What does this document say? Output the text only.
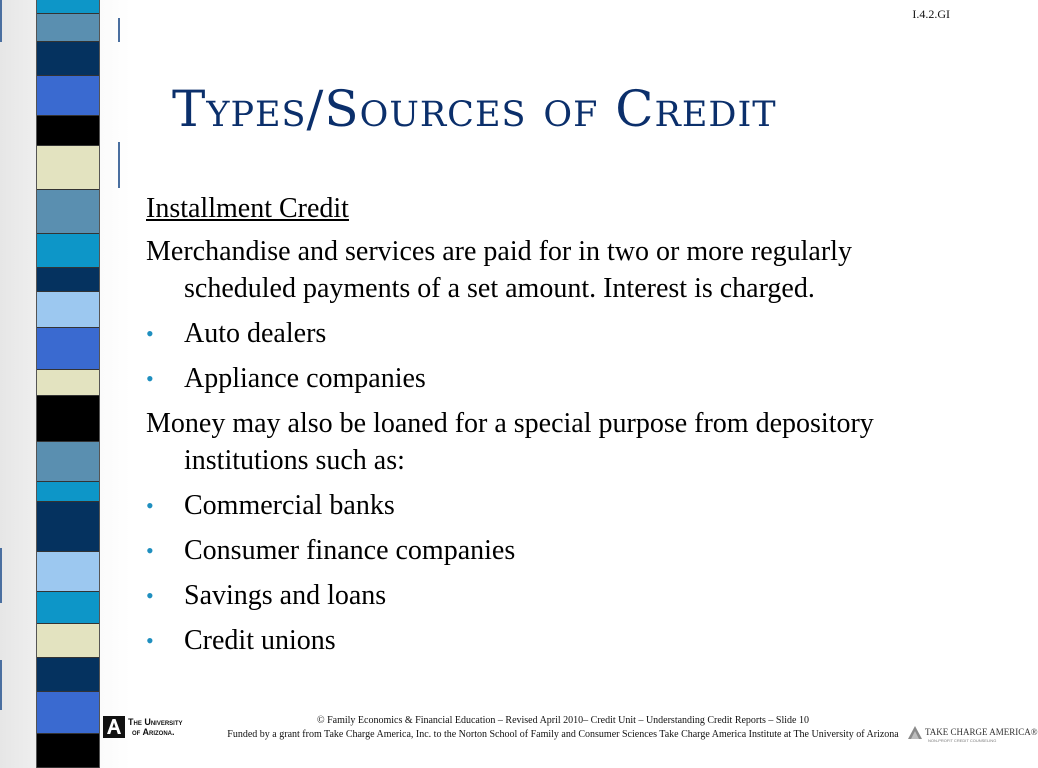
I.4.2.GI
Types/Sources of Credit

Installment Credit

Merchandise and services are paid for in two or more regularly scheduled payments of a set amount. Interest is charged.

• Auto dealers
• Appliance companies

Money may also be loaned for a special purpose from depository institutions such as:

• Commercial banks
• Consumer finance companies
• Savings and loans
• Credit unions
The University
of Arizona.
© Family Economics & Financial Education – Revised April 2010– Credit Unit – Understanding Credit Reports – Slide 10
Funded by a grant from Take Charge America, Inc. to the Norton School of Family and Consumer Sciences Take Charge America Institute at The University of Arizona	TAKE CHARGE AMERICA®
NON-PROFIT CREDIT COUNSELING
